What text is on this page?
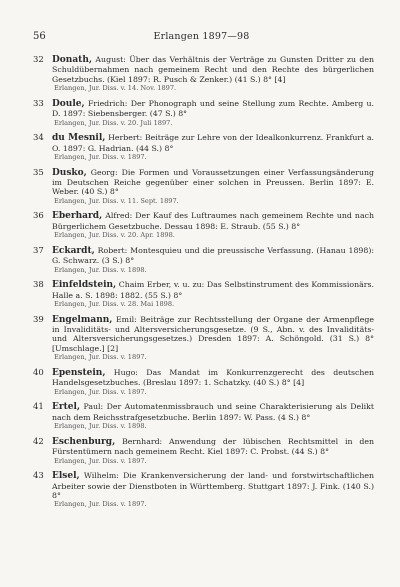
56	Erlangen 1897—98
32 Donath, August: Über das Verhältnis der Verträge zu Gunsten Dritter zu den Schuldübernahmen nach gemeinem Recht und den Rechte des bürgerlichen Gesetzbuchs. (Kiel 1897: R. Pusch & Zenker.) (41 S.) 8° [4]
Erlangen, Jur. Diss. v. 14. Nov. 1897.
33 Doule, Friedrich: Der Phonograph und seine Stellung zum Rechte. Amberg u. D. 1897: Siebensberger. (47 S.) 8°
Erlangen, Jur. Diss. v. 20. Juli 1897.
34 du Mesnil, Herbert: Beiträge zur Lehre von der Idealkonkurrenz. Frankfurt a. O. 1897: G. Hadrian. (44 S.) 8°
Erlangen, Jur. Diss. v. 1897.
35 Dusko, Georg: Die Formen und Voraussetzungen einer Verfassungsänderung im Deutschen Reiche gegenüber einer solchen in Preussen. Berlin 1897: E. Weber. (40 S.) 8°
Erlangen, Jur. Diss. v. 11. Sept. 1897.
36 Eberhard, Alfred: Der Kauf des Luftraumes nach gemeinem Rechte und nach Bürgerlichem Gesetzbuche. Dessau 1898: E. Straub. (55 S.) 8°
Erlangen, Jur. Diss. v. 20. Apr. 1898.
37 Eckardt, Robert: Montesquieu und die preussische Verfassung. (Hanau 1898): G. Schwarz. (3 S.) 8°
Erlangen, Jur. Diss. v. 1898.
38 Einfeldstein, Chaim Erber, v. u. zu: Das Selbstinstrument des Kommissionärs. Halle a. S. 1898: 1882. (55 S.) 8°
Erlangen, Jur. Diss. v. 28. Mai 1898.
39 Engelmann, Emil: Beiträge zur Rechtsstellung der Organe der Armenpflege in Invaliditäts- und Altersversicherungsgesetze. (9 S., Abn. v. des Invaliditäts- und Altersversicherungsgesetzes.) Dresden 1897: A. Schöngold. (31 S.) 8° [Umschlage.] [2]
Erlangen, Jur. Diss. v. 1897.
40 Epenstein, Hugo: Das Mandat im Konkurrenzgerecht des deutschen Handelsgesetzbuches. (Breslau 1897: 1. Schatzky. (40 S.) 8° [4]
Erlangen, Jur. Diss. v. 1897.
41 Ertel, Paul: Der Automatenmissbrauch und seine Charakterisierung als Delikt nach dem Reichsstrafgesetzbuche. Berlin 1897: W. Pass. (4 S.) 8°
Erlangen, Jur. Diss. v. 1898.
42 Eschenburg, Bernhard: Anwendung der lübischen Rechtsmittel in den Fürstentümern nach gemeinem Recht. Kiel 1897: C. Probst. (44 S.) 8°
Erlangen, Jur. Diss. v. 1897.
43 Elsel, Wilhelm: Die Krankenversicherung der land- und forstwirtschaftlichen Arbeiter sowie der Dienstboten in Württemberg. Stuttgart 1897: J. Fink. (140 S.) 8°
Erlangen, Jur. Diss. v. 1897.
